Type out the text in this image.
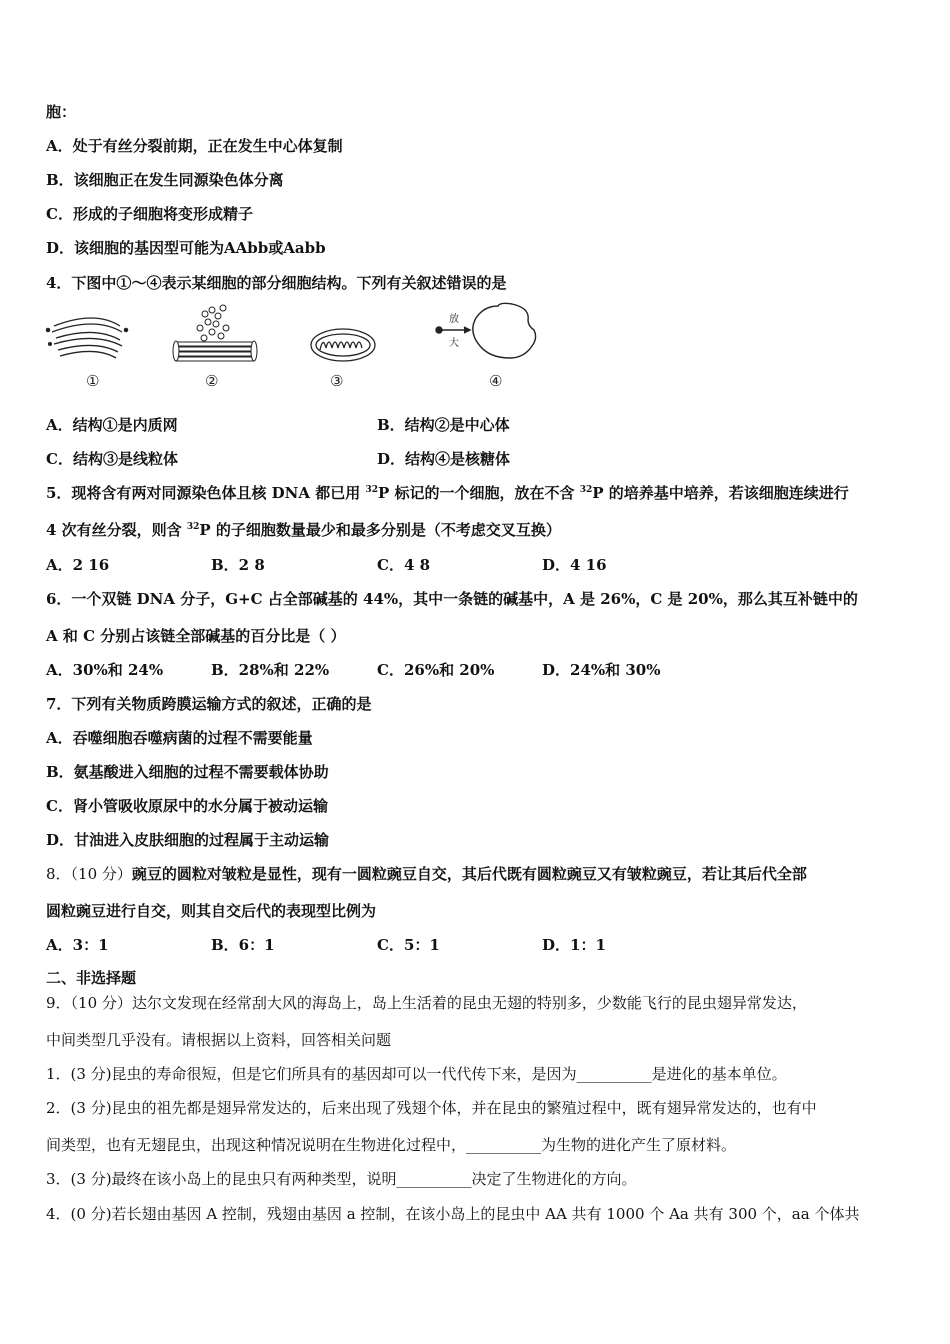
胞：
A．处于有丝分裂前期，正在发生中心体复制
B．该细胞正在发生同源染色体分离
C．形成的子细胞将变形成精子
D．该细胞的基因型可能为AAbb或Aabb
4．下图中①～④表示某细胞的部分细胞结构。下列有关叙述错误的是
放
大
①	②	③	④
A．结构①是内质网	B．结构②是中心体
C．结构③是线粒体	D．结构④是核糖体
5．现将含有两对同源染色体且核 DNA 都已用 $^{32}$P 标记的一个细胞，放在不含 $^{32}$P 的培养基中培养，若该细胞连续进行
4 次有丝分裂，则含 $^{32}$P 的子细胞数量最少和最多分别是（不考虑交叉互换）
A．2 16	B．2 8	C．4 8	D．4 16
6．一个双链 DNA 分子，G+C 占全部碱基的 44%，其中一条链的碱基中，A 是 26%，C 是 20%，那么其互补链中的
A 和 C 分别占该链全部碱基的百分比是（ ）
A．30%和 24%	B．28%和 22%	C．26%和 20%	D．24%和 30%
7．下列有关物质跨膜运输方式的叙述，正确的是
A．吞噬细胞吞噬病菌的过程不需要能量
B．氨基酸进入细胞的过程不需要载体协助
C．肾小管吸收原尿中的水分属于被动运输
D．甘油进入皮肤细胞的过程属于主动运输
8．（10 分）豌豆的圆粒对皱粒是显性，现有一圆粒豌豆自交，其后代既有圆粒豌豆又有皱粒豌豆，若让其后代全部
圆粒豌豆进行自交，则其自交后代的表现型比例为
A．3：1	B．6：1	C．5：1	D．1：1
二、非选择题
9．（10 分）达尔文发现在经常刮大风的海岛上，岛上生活着的昆虫无翅的特别多，少数能飞行的昆虫翅异常发达，
中间类型几乎没有。请根据以上资料，回答相关问题
1．(3 分)昆虫的寿命很短，但是它们所具有的基因却可以一代代传下来，是因为__________是进化的基本单位。
2．(3 分)昆虫的祖先都是翅异常发达的，后来出现了残翅个体，并在昆虫的繁殖过程中，既有翅异常发达的，也有中
间类型，也有无翅昆虫，出现这种情况说明在生物进化过程中，__________为生物的进化产生了原材料。
3．(3 分)最终在该小岛上的昆虫只有两种类型，说明__________决定了生物进化的方向。
4．(0 分)若长翅由基因 A 控制，残翅由基因 a 控制，在该小岛上的昆虫中 AA 共有 1000 个 Aa 共有 300 个，aa 个体共
